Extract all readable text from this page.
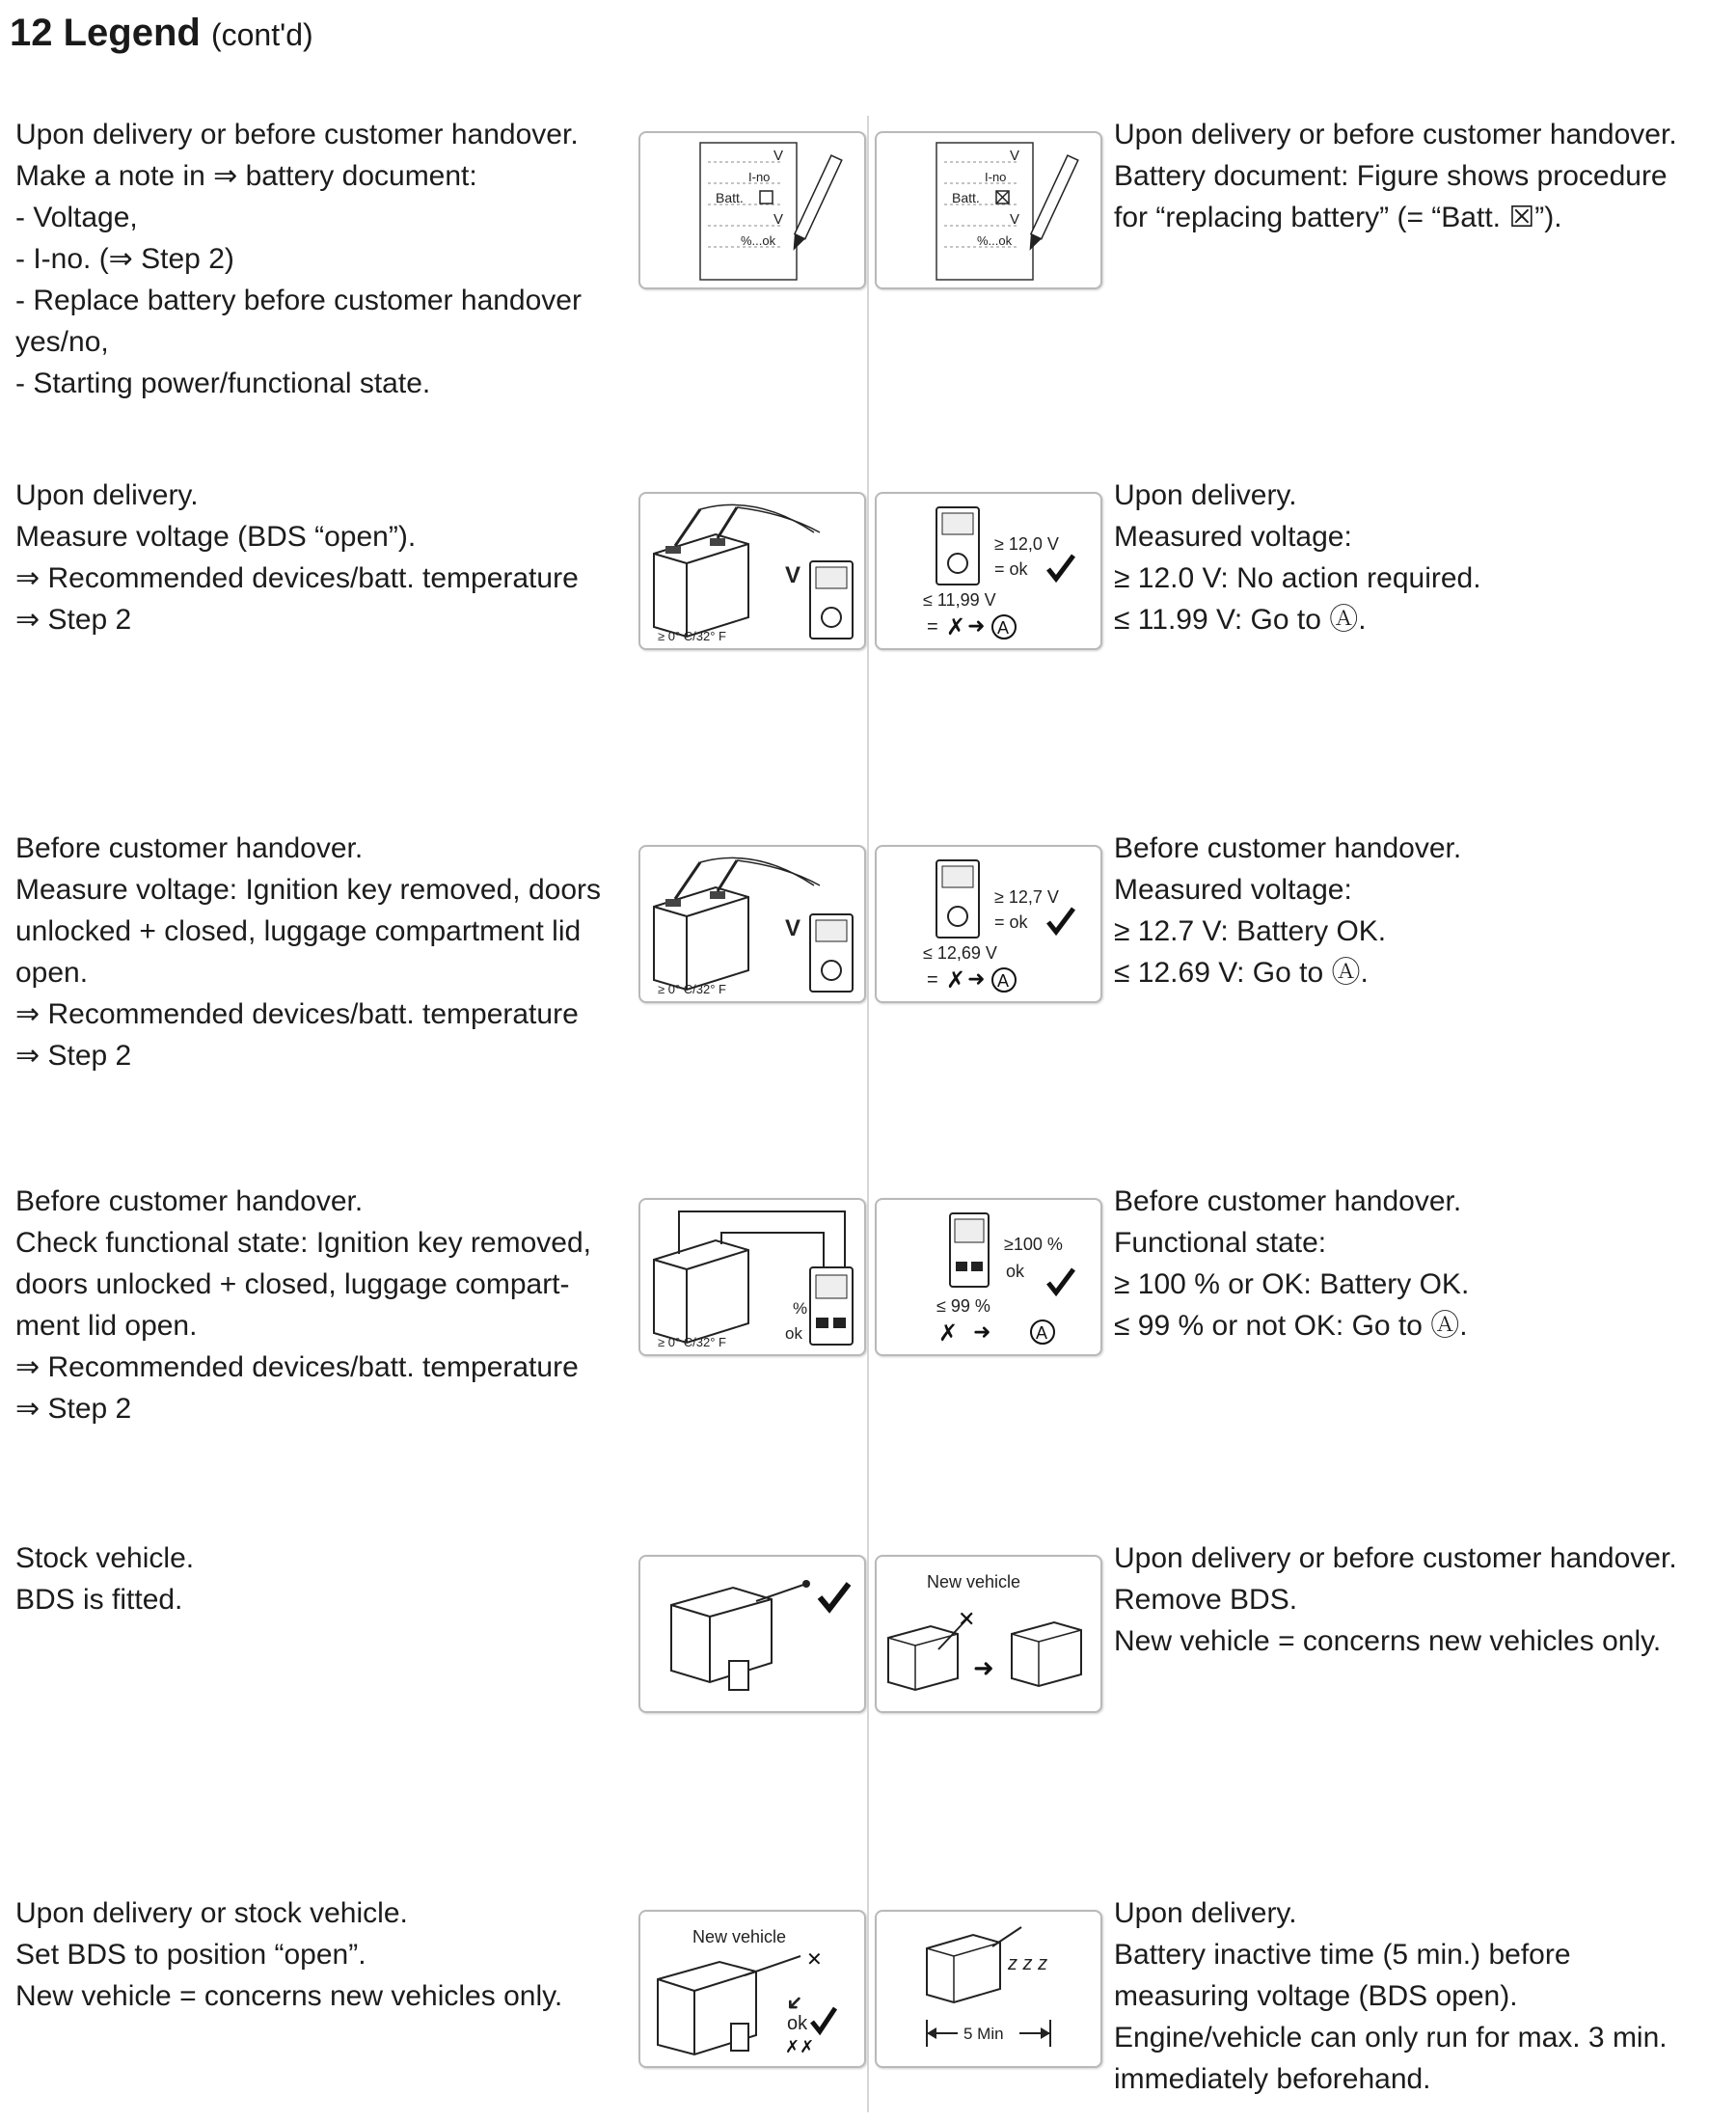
12 Legend (cont'd)
Upon delivery or before customer handover.
Make a note in ⇒ battery document:
- Voltage,
- I-no. (⇒ Step 2)
- Replace battery before customer handover
yes/no,
- Starting power/functional state.
V
I-no
Batt.
V
%...ok
V
I-no
Batt.
V
%...ok
Upon delivery or before customer handover.
Battery document: Figure shows procedure
for “replacing battery” (= “Batt. ☒”).
Upon delivery.
Measure voltage (BDS “open”).
⇒ Recommended devices/batt. temperature
⇒ Step 2
V
≥ 0° C/32° F
≥ 12,0 V
= ok
≤ 11,99 V
= ✗ ➜ A
Upon delivery.
Measured voltage:
≥ 12.0 V: No action required.
≤ 11.99 V: Go to Ⓐ.
Before customer handover.
Measure voltage: Ignition key removed, doors
unlocked + closed, luggage compartment lid
open.
⇒ Recommended devices/batt. temperature
⇒ Step 2
V
≥ 0° C/32° F
≥ 12,7 V
= ok
≤ 12,69 V
= ✗ ➜ A
Before customer handover.
Measured voltage:
≥ 12.7 V: Battery OK.
≤ 12.69 V: Go to Ⓐ.
Before customer handover.
Check functional state: Ignition key removed,
doors unlocked + closed, luggage compart-
ment lid open.
⇒ Recommended devices/batt. temperature
⇒ Step 2
%
ok
≥ 0° C/32° F
≥100 %
ok
≤ 99 %
✗ ➜	A
Before customer handover.
Functional state:
≥ 100 % or OK: Battery OK.
≤ 99 % or not OK: Go to Ⓐ.
Stock vehicle.
BDS is fitted.
New vehicle
✕
➜
Upon delivery or before customer handover.
Remove BDS.
New vehicle = concerns new vehicles only.
Upon delivery or stock vehicle.
Set BDS to position “open”.
New vehicle = concerns new vehicles only.
New vehicle
✕
➜
ok
✗✗
z z z
5 Min
Upon delivery.
Battery inactive time (5 min.) before
measuring voltage (BDS open).
Engine/vehicle can only run for max. 3 min.
immediately beforehand.
